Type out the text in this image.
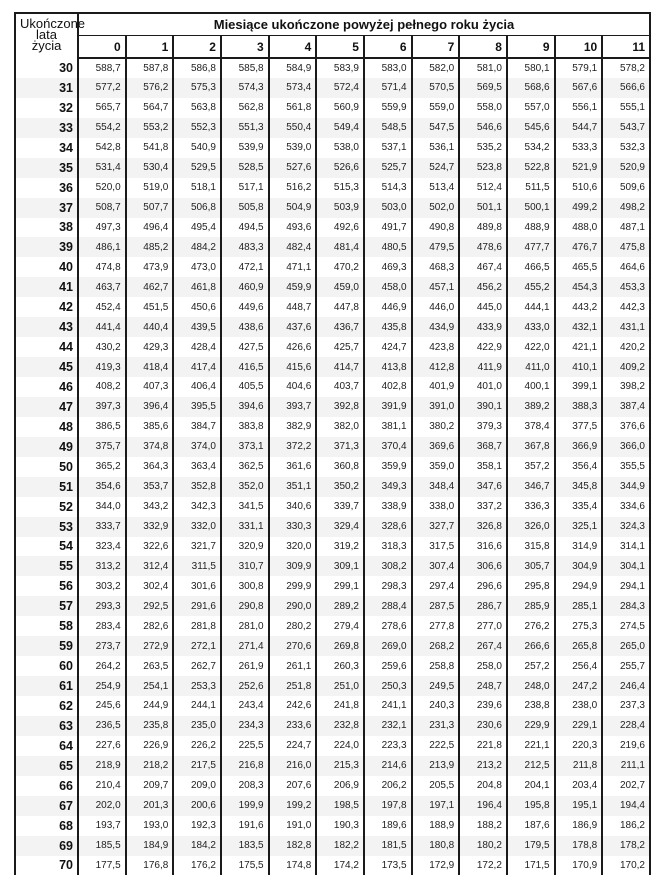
Ukończone lata życia	Miesiące ukończone powyżej pełnego roku życia											
	0	1	2	3	4	5	6	7	8	9	10	11
30	588,7	587,8	586,8	585,8	584,9	583,9	583,0	582,0	581,0	580,1	579,1	578,2
31	577,2	576,2	575,3	574,3	573,4	572,4	571,4	570,5	569,5	568,6	567,6	566,6
32	565,7	564,7	563,8	562,8	561,8	560,9	559,9	559,0	558,0	557,0	556,1	555,1
33	554,2	553,2	552,3	551,3	550,4	549,4	548,5	547,5	546,6	545,6	544,7	543,7
34	542,8	541,8	540,9	539,9	539,0	538,0	537,1	536,1	535,2	534,2	533,3	532,3
35	531,4	530,4	529,5	528,5	527,6	526,6	525,7	524,7	523,8	522,8	521,9	520,9
36	520,0	519,0	518,1	517,1	516,2	515,3	514,3	513,4	512,4	511,5	510,6	509,6
37	508,7	507,7	506,8	505,8	504,9	503,9	503,0	502,0	501,1	500,1	499,2	498,2
38	497,3	496,4	495,4	494,5	493,6	492,6	491,7	490,8	489,8	488,9	488,0	487,1
39	486,1	485,2	484,2	483,3	482,4	481,4	480,5	479,5	478,6	477,7	476,7	475,8
40	474,8	473,9	473,0	472,1	471,1	470,2	469,3	468,3	467,4	466,5	465,5	464,6
41	463,7	462,7	461,8	460,9	459,9	459,0	458,0	457,1	456,2	455,2	454,3	453,3
42	452,4	451,5	450,6	449,6	448,7	447,8	446,9	446,0	445,0	444,1	443,2	442,3
43	441,4	440,4	439,5	438,6	437,6	436,7	435,8	434,9	433,9	433,0	432,1	431,1
44	430,2	429,3	428,4	427,5	426,6	425,7	424,7	423,8	422,9	422,0	421,1	420,2
45	419,3	418,4	417,4	416,5	415,6	414,7	413,8	412,8	411,9	411,0	410,1	409,2
46	408,2	407,3	406,4	405,5	404,6	403,7	402,8	401,9	401,0	400,1	399,1	398,2
47	397,3	396,4	395,5	394,6	393,7	392,8	391,9	391,0	390,1	389,2	388,3	387,4
48	386,5	385,6	384,7	383,8	382,9	382,0	381,1	380,2	379,3	378,4	377,5	376,6
49	375,7	374,8	374,0	373,1	372,2	371,3	370,4	369,6	368,7	367,8	366,9	366,0
50	365,2	364,3	363,4	362,5	361,6	360,8	359,9	359,0	358,1	357,2	356,4	355,5
51	354,6	353,7	352,8	352,0	351,1	350,2	349,3	348,4	347,6	346,7	345,8	344,9
52	344,0	343,2	342,3	341,5	340,6	339,7	338,9	338,0	337,2	336,3	335,4	334,6
53	333,7	332,9	332,0	331,1	330,3	329,4	328,6	327,7	326,8	326,0	325,1	324,3
54	323,4	322,6	321,7	320,9	320,0	319,2	318,3	317,5	316,6	315,8	314,9	314,1
55	313,2	312,4	311,5	310,7	309,9	309,1	308,2	307,4	306,6	305,7	304,9	304,1
56	303,2	302,4	301,6	300,8	299,9	299,1	298,3	297,4	296,6	295,8	294,9	294,1
57	293,3	292,5	291,6	290,8	290,0	289,2	288,4	287,5	286,7	285,9	285,1	284,3
58	283,4	282,6	281,8	281,0	280,2	279,4	278,6	277,8	277,0	276,2	275,3	274,5
59	273,7	272,9	272,1	271,4	270,6	269,8	269,0	268,2	267,4	266,6	265,8	265,0
60	264,2	263,5	262,7	261,9	261,1	260,3	259,6	258,8	258,0	257,2	256,4	255,7
61	254,9	254,1	253,3	252,6	251,8	251,0	250,3	249,5	248,7	248,0	247,2	246,4
62	245,6	244,9	244,1	243,4	242,6	241,8	241,1	240,3	239,6	238,8	238,0	237,3
63	236,5	235,8	235,0	234,3	233,6	232,8	232,1	231,3	230,6	229,9	229,1	228,4
64	227,6	226,9	226,2	225,5	224,7	224,0	223,3	222,5	221,8	221,1	220,3	219,6
65	218,9	218,2	217,5	216,8	216,0	215,3	214,6	213,9	213,2	212,5	211,8	211,1
66	210,4	209,7	209,0	208,3	207,6	206,9	206,2	205,5	204,8	204,1	203,4	202,7
67	202,0	201,3	200,6	199,9	199,2	198,5	197,8	197,1	196,4	195,8	195,1	194,4
68	193,7	193,0	192,3	191,6	191,0	190,3	189,6	188,9	188,2	187,6	186,9	186,2
69	185,5	184,9	184,2	183,5	182,8	182,2	181,5	180,8	180,2	179,5	178,8	178,2
70	177,5	176,8	176,2	175,5	174,8	174,2	173,5	172,9	172,2	171,5	170,9	170,2
